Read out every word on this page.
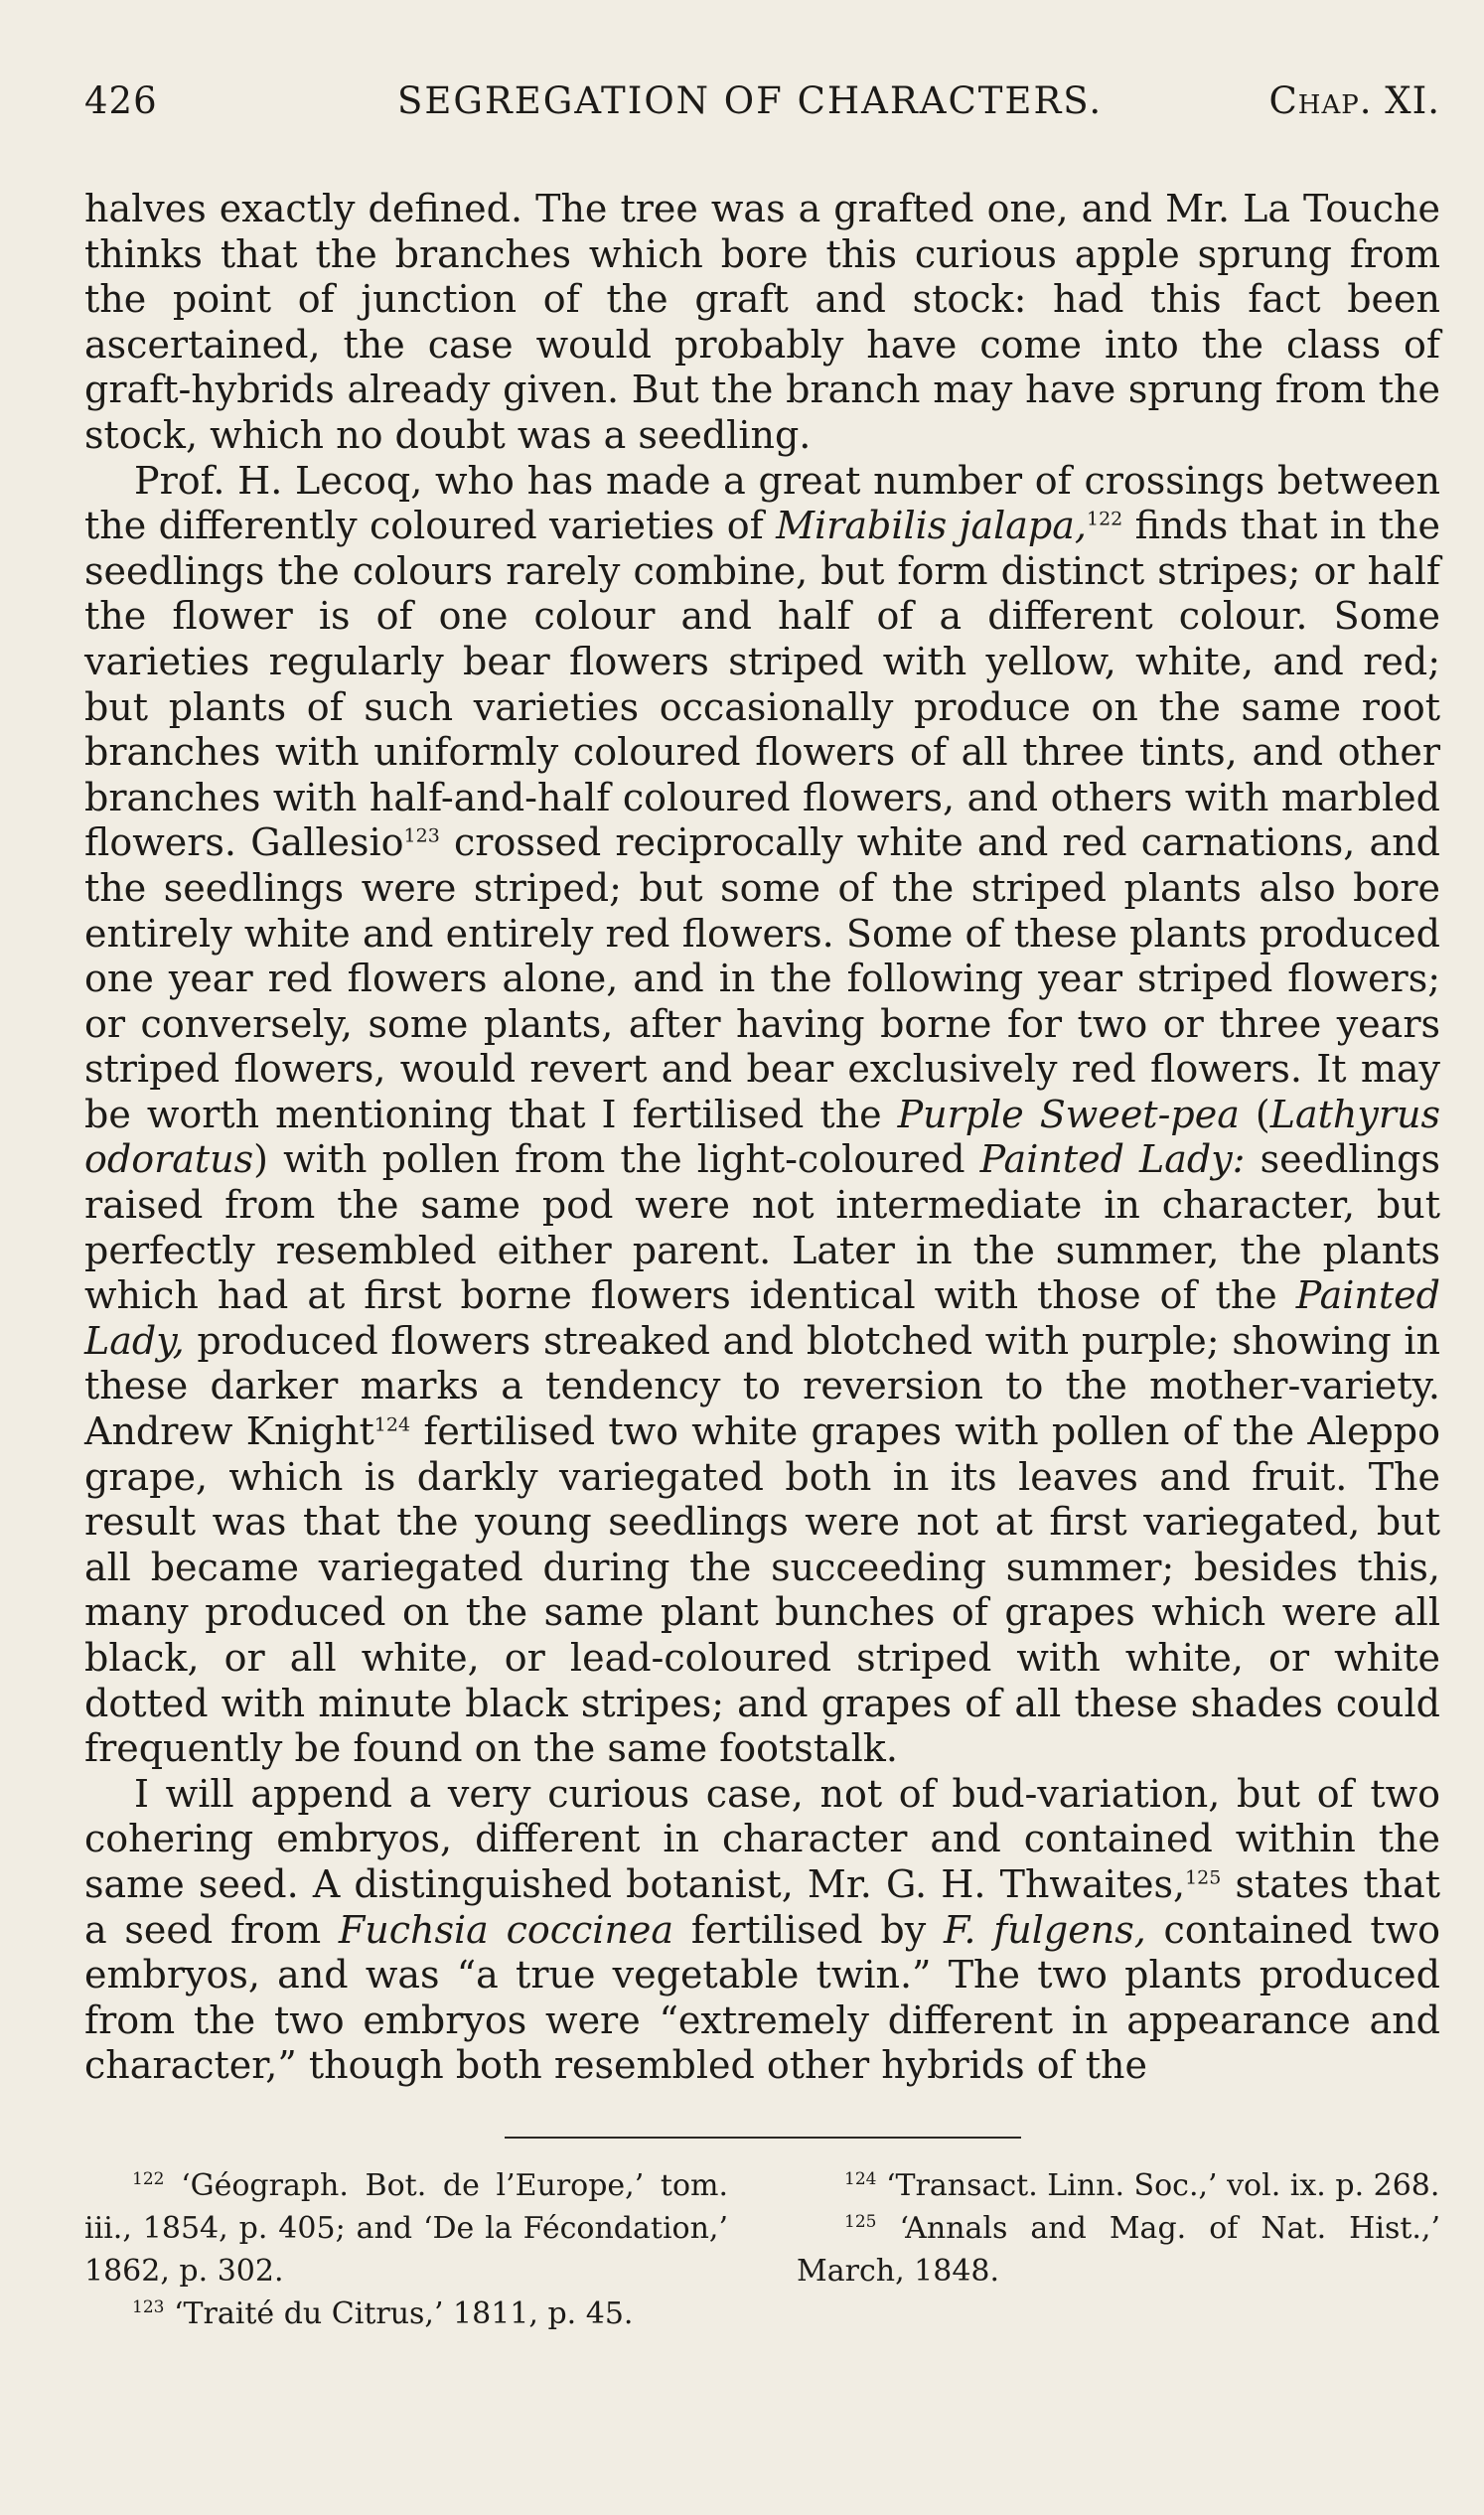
426	SEGREGATION OF CHARACTERS.	Chap. XI.

halves exactly defined. The tree was a grafted one, and Mr. La Touche thinks that the branches which bore this curious apple sprung from the point of junction of the graft and stock: had this fact been ascertained, the case would probably have come into the class of graft-hybrids already given. But the branch may have sprung from the stock, which no doubt was a seedling.

Prof. H. Lecoq, who has made a great number of crossings between the differently coloured varieties of Mirabilis jalapa,$^{122}$ finds that in the seedlings the colours rarely combine, but form distinct stripes; or half the flower is of one colour and half of a different colour. Some varieties regularly bear flowers striped with yellow, white, and red; but plants of such varieties occasionally produce on the same root branches with uniformly coloured flowers of all three tints, and other branches with half-and-half coloured flowers, and others with marbled flowers. Gallesio$^{123}$ crossed reciprocally white and red carnations, and the seedlings were striped; but some of the striped plants also bore entirely white and entirely red flowers. Some of these plants produced one year red flowers alone, and in the following year striped flowers; or conversely, some plants, after having borne for two or three years striped flowers, would revert and bear exclusively red flowers. It may be worth mentioning that I fertilised the Purple Sweet-pea (Lathyrus odoratus) with pollen from the light-coloured Painted Lady: seedlings raised from the same pod were not intermediate in character, but perfectly resembled either parent. Later in the summer, the plants which had at first borne flowers identical with those of the Painted Lady, produced flowers streaked and blotched with purple; showing in these darker marks a tendency to reversion to the mother-variety. Andrew Knight$^{124}$ fertilised two white grapes with pollen of the Aleppo grape, which is darkly variegated both in its leaves and fruit. The result was that the young seedlings were not at first variegated, but all became variegated during the succeeding summer; besides this, many produced on the same plant bunches of grapes which were all black, or all white, or lead-coloured striped with white, or white dotted with minute black stripes; and grapes of all these shades could frequently be found on the same footstalk.

I will append a very curious case, not of bud-variation, but of two cohering embryos, different in character and contained within the same seed. A distinguished botanist, Mr. G. H. Thwaites,$^{125}$ states that a seed from Fuchsia coccinea fertilised by F. fulgens, contained two embryos, and was “a true vegetable twin.” The two plants produced from the two embryos were “extremely different in appearance and character,” though both resembled other hybrids of the

$^{122}$ ‘Géograph. Bot. de l’Europe,’ tom. iii., 1854, p. 405; and ‘De la Fécondation,’ 1862, p. 302.

$^{123}$ ‘Traité du Citrus,’ 1811, p. 45.

$^{124}$ ‘Transact. Linn. Soc.,’ vol. ix. p. 268.

$^{125}$ ‘Annals and Mag. of Nat. Hist.,’ March, 1848.
